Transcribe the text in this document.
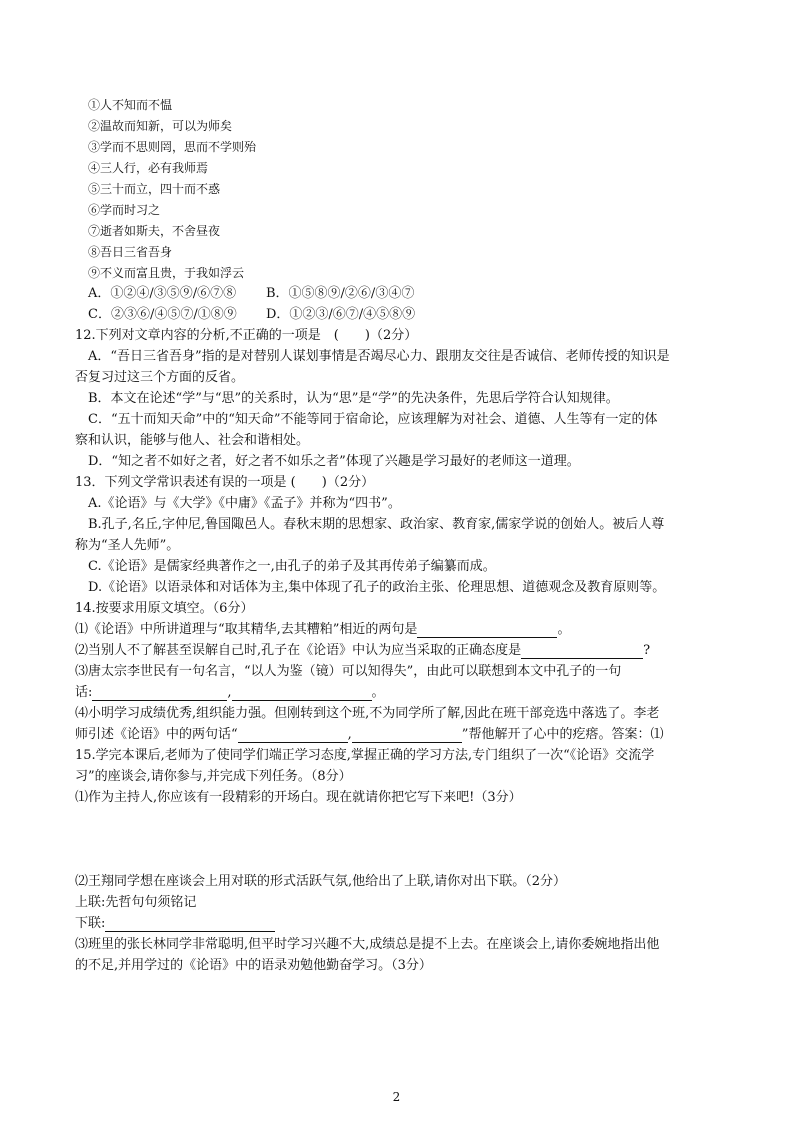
①人不知而不愠
②温故而知新，可以为师矣
③学而不思则罔，思而不学则殆
④三人行，必有我师焉
⑤三十而立，四十而不惑
⑥学而时习之
⑦逝者如斯夫，不舍昼夜
⑧吾日三省吾身
⑨不义而富且贵，于我如浮云
A．①②④/③⑤⑨/⑥⑦⑧ B．①⑤⑧⑨/②⑥/③④⑦
C．②③⑥/④⑤⑦/①⑧⑨ D．①②③/⑥⑦/④⑤⑧⑨
12.下列对文章内容的分析,不正确的一项是　(　　)（2分）
A．“吾日三省吾身”指的是对替别人谋划事情是否竭尽心力、跟朋友交往是否诚信、老师传授的知识是
否复习过这三个方面的反省。
B．本文在论述“学”与“思”的关系时，认为“思”是“学”的先决条件，先思后学符合认知规律。
C．“五十而知天命”中的“知天命”不能等同于宿命论，应该理解为对社会、道德、人生等有一定的体
察和认识，能够与他人、社会和谐相处。
D．“知之者不如好之者，好之者不如乐之者”体现了兴趣是学习最好的老师这一道理。
13．下列文学常识表述有误的一项是 (　　)（2分）
A.《论语》与《大学》《中庸》《孟子》并称为“四书”。
B.孔子,名丘,字仲尼,鲁国陬邑人。春秋末期的思想家、政治家、教育家,儒家学说的创始人。被后人尊
称为“圣人先师”。
C.《论语》是儒家经典著作之一,由孔子的弟子及其再传弟子编纂而成。
D.《论语》以语录体和对话体为主,集中体现了孔子的政治主张、伦理思想、道德观念及教育原则等。
14.按要求用原文填空。（6分）
⑴《论语》中所讲道理与“取其精华,去其糟粕”相近的两句是	。
⑵当别人不了解甚至误解自己时,孔子在《论语》中认为应当采取的正确态度是	?
⑶唐太宗李世民有一句名言，“以人为鉴（镜）可以知得失”，由此可以联想到本文中孔子的一句
话:	,	。
⑷小明学习成绩优秀,组织能力强。但刚转到这个班,不为同学所了解,因此在班干部竞选中落选了。李老
师引述《论语》中的两句话“	,	”帮他解开了心中的疙瘩。答案：⑴
15.学完本课后,老师为了使同学们端正学习态度,掌握正确的学习方法,专门组织了一次“《论语》交流学
习”的座谈会,请你参与,并完成下列任务。（8分）
⑴作为主持人,你应该有一段精彩的开场白。现在就请你把它写下来吧!（3分）
⑵王翔同学想在座谈会上用对联的形式活跃气氛,他给出了上联,请你对出下联。（2分）
上联:先哲句句须铭记
下联:
⑶班里的张长林同学非常聪明,但平时学习兴趣不大,成绩总是提不上去。在座谈会上,请你委婉地指出他
的不足,并用学过的《论语》中的语录劝勉他勤奋学习。（3分）
2
